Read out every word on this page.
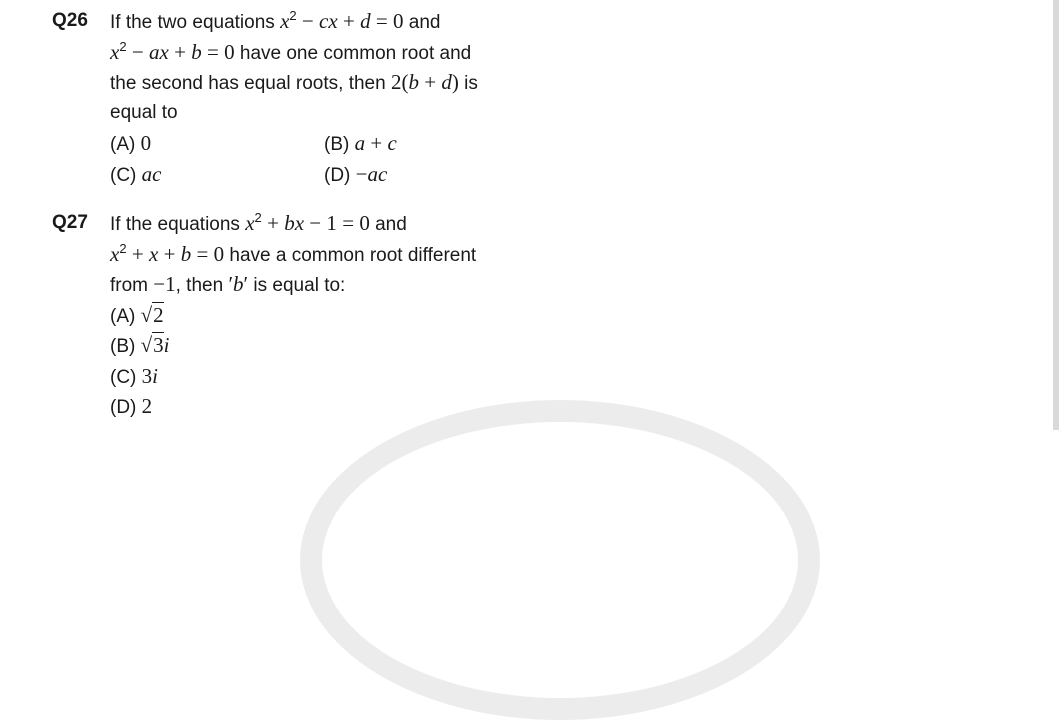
Q26 If the two equations $x^2$ − cx + d = 0 and
$x^2$ − ax + b = 0 have one common root and
the second has equal roots, then 2(b + d) is
equal to
(A) 0	(B) a + c
(C) ac	(D) −ac
Q27 If the equations $x^2$ + bx − 1 = 0 and
$x^2 + x + b = 0$ have a common root different
from −1, then ′b′ is equal to:
(A) √2
(B) √3i
(C) 3i
(D) 2
